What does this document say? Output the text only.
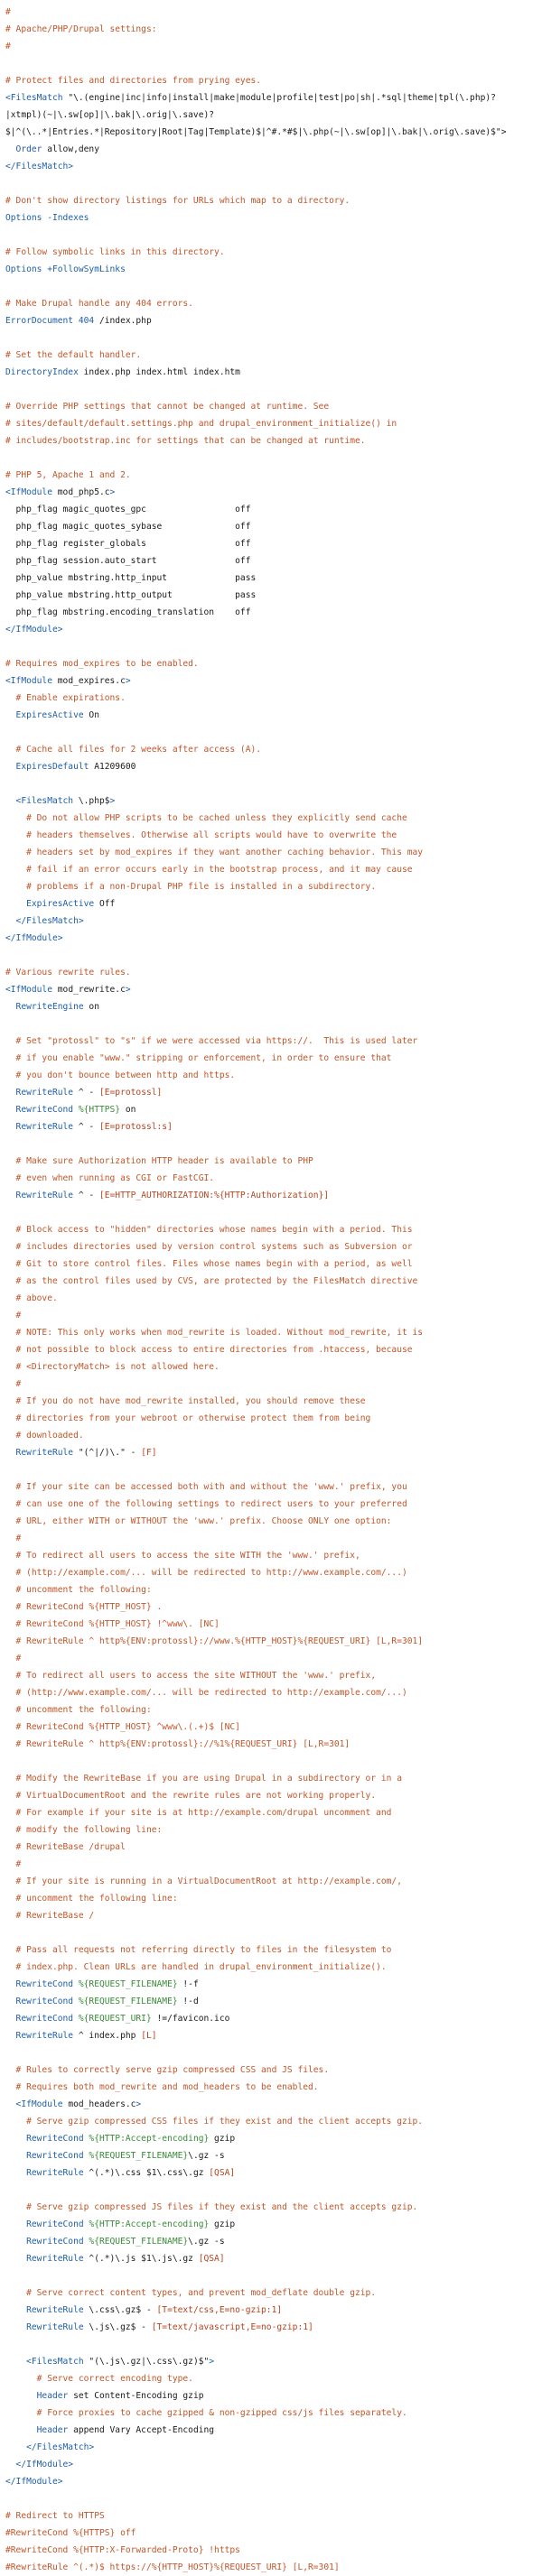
#
# Apache/PHP/Drupal settings:
#

# Protect files and directories from prying eyes.
<FilesMatch "\.(engine|inc|info|install|make|module|profile|test|po|sh|.*sql|theme|tpl(\.php)?
|xtmpl)(~|\.sw[op]|\.bak|\.orig|\.save)?
$|^(\..*|Entries.*|Repository|Root|Tag|Template)$|^#.*#$|\.php(~|\.sw[op]|\.bak|\.orig\.save)$">
Order allow,deny
</FilesMatch>

# Don't show directory listings for URLs which map to a directory.
Options -Indexes

# Follow symbolic links in this directory.
Options +FollowSymLinks

# Make Drupal handle any 404 errors.
ErrorDocument 404 /index.php

# Set the default handler.
DirectoryIndex index.php index.html index.htm

# Override PHP settings that cannot be changed at runtime. See
# sites/default/default.settings.php and drupal_environment_initialize() in
# includes/bootstrap.inc for settings that can be changed at runtime.

# PHP 5, Apache 1 and 2.
<IfModule mod_php5.c>
php_flag magic_quotes_gpc                 off
php_flag magic_quotes_sybase              off
php_flag register_globals                 off
php_flag session.auto_start               off
php_value mbstring.http_input             pass
php_value mbstring.http_output            pass
php_flag mbstring.encoding_translation    off
</IfModule>

# Requires mod_expires to be enabled.
<IfModule mod_expires.c>
# Enable expirations.
ExpiresActive On

# Cache all files for 2 weeks after access (A).
ExpiresDefault A1209600

<FilesMatch \.php$>
# Do not allow PHP scripts to be cached unless they explicitly send cache
# headers themselves. Otherwise all scripts would have to overwrite the
# headers set by mod_expires if they want another caching behavior. This may
# fail if an error occurs early in the bootstrap process, and it may cause
# problems if a non-Drupal PHP file is installed in a subdirectory.
ExpiresActive Off
</FilesMatch>
</IfModule>

# Various rewrite rules.
<IfModule mod_rewrite.c>
RewriteEngine on

# Set "protossl" to "s" if we were accessed via https://.  This is used later
# if you enable "www." stripping or enforcement, in order to ensure that
# you don't bounce between http and https.
RewriteRule ^ - [E=protossl]
RewriteCond %{HTTPS} on
RewriteRule ^ - [E=protossl:s]

# Make sure Authorization HTTP header is available to PHP
# even when running as CGI or FastCGI.
RewriteRule ^ - [E=HTTP_AUTHORIZATION:%{HTTP:Authorization}]

# Block access to "hidden" directories whose names begin with a period. This
# includes directories used by version control systems such as Subversion or
# Git to store control files. Files whose names begin with a period, as well
# as the control files used by CVS, are protected by the FilesMatch directive
# above.
#
# NOTE: This only works when mod_rewrite is loaded. Without mod_rewrite, it is
# not possible to block access to entire directories from .htaccess, because
# <DirectoryMatch> is not allowed here.
#
# If you do not have mod_rewrite installed, you should remove these
# directories from your webroot or otherwise protect them from being
# downloaded.
RewriteRule "(^|/)\." - [F]

# If your site can be accessed both with and without the 'www.' prefix, you
# can use one of the following settings to redirect users to your preferred
# URL, either WITH or WITHOUT the 'www.' prefix. Choose ONLY one option:
#
# To redirect all users to access the site WITH the 'www.' prefix,
# (http://example.com/... will be redirected to http://www.example.com/...)
# uncomment the following:
# RewriteCond %{HTTP_HOST} .
# RewriteCond %{HTTP_HOST} !^www\. [NC]
# RewriteRule ^ http%{ENV:protossl}://www.%{HTTP_HOST}%{REQUEST_URI} [L,R=301]
#
# To redirect all users to access the site WITHOUT the 'www.' prefix,
# (http://www.example.com/... will be redirected to http://example.com/...)
# uncomment the following:
# RewriteCond %{HTTP_HOST} ^www\.(.+)$ [NC]
# RewriteRule ^ http%{ENV:protossl}://%1%{REQUEST_URI} [L,R=301]

# Modify the RewriteBase if you are using Drupal in a subdirectory or in a
# VirtualDocumentRoot and the rewrite rules are not working properly.
# For example if your site is at http://example.com/drupal uncomment and
# modify the following line:
# RewriteBase /drupal
#
# If your site is running in a VirtualDocumentRoot at http://example.com/,
# uncomment the following line:
# RewriteBase /

# Pass all requests not referring directly to files in the filesystem to
# index.php. Clean URLs are handled in drupal_environment_initialize().
RewriteCond %{REQUEST_FILENAME} !-f
RewriteCond %{REQUEST_FILENAME} !-d
RewriteCond %{REQUEST_URI} !=/favicon.ico
RewriteRule ^ index.php [L]

# Rules to correctly serve gzip compressed CSS and JS files.
# Requires both mod_rewrite and mod_headers to be enabled.
<IfModule mod_headers.c>
# Serve gzip compressed CSS files if they exist and the client accepts gzip.
RewriteCond %{HTTP:Accept-encoding} gzip
RewriteCond %{REQUEST_FILENAME}\.gz -s
RewriteRule ^(.*)\.css $1\.css\.gz [QSA]

# Serve gzip compressed JS files if they exist and the client accepts gzip.
RewriteCond %{HTTP:Accept-encoding} gzip
RewriteCond %{REQUEST_FILENAME}\.gz -s
RewriteRule ^(.*)\.js $1\.js\.gz [QSA]

# Serve correct content types, and prevent mod_deflate double gzip.
RewriteRule \.css\.gz$ - [T=text/css,E=no-gzip:1]
RewriteRule \.js\.gz$ - [T=text/javascript,E=no-gzip:1]

<FilesMatch "(\.js\.gz|\.css\.gz)$">
# Serve correct encoding type.
Header set Content-Encoding gzip
# Force proxies to cache gzipped & non-gzipped css/js files separately.
Header append Vary Accept-Encoding
</FilesMatch>
</IfModule>
</IfModule>

# Redirect to HTTPS
#RewriteCond %{HTTPS} off
#RewriteCond %{HTTP:X-Forwarded-Proto} !https
#RewriteRule ^(.*)$ https://%{HTTP_HOST}%{REQUEST_URI} [L,R=301]
